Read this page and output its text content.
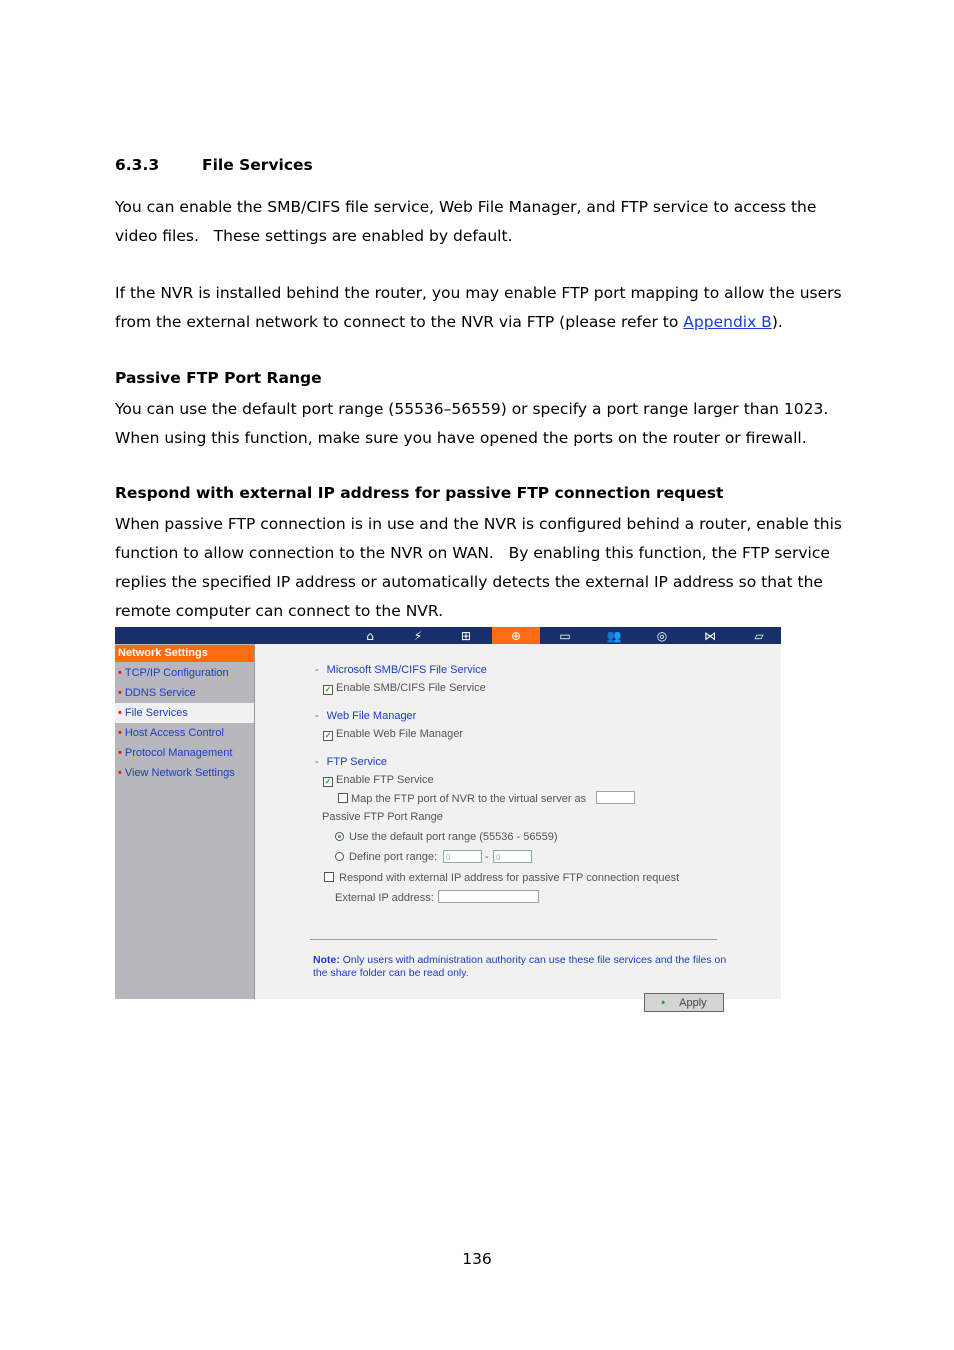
6.3.3	File Services
You can enable the SMB/CIFS file service, Web File Manager, and FTP service to access the video files.   These settings are enabled by default.
If the NVR is installed behind the router, you may enable FTP port mapping to allow the users from the external network to connect to the NVR via FTP (please refer to Appendix B).
Passive FTP Port Range
You can use the default port range (55536–56559) or specify a port range larger than 1023. When using this function, make sure you have opened the ports on the router or firewall.
Respond with external IP address for passive FTP connection request
When passive FTP connection is in use and the NVR is configured behind a router, enable this function to allow connection to the NVR on WAN.   By enabling this function, the FTP service replies the specified IP address or automatically detects the external IP address so that the remote computer can connect to the NVR.
⌂	⚡	⊞	⊕	▭	👥	◎	⋈	▱
Network Settings
• TCP/IP Configuration
• DDNS Service
• File Services
• Host Access Control
• Protocol Management
• View Network Settings
- Microsoft SMB/CIFS File Service
✓ Enable SMB/CIFS File Service
- Web File Manager
✓ Enable Web File Manager
- FTP Service
✓ Enable FTP Service
Map the FTP port of NVR to the virtual server as
Passive FTP Port Range
Use the default port range (55536 - 56559)
Define port range:	0	- 0
Respond with external IP address for passive FTP connection request
External IP address:
Note: Only users with administration authority can use these file services and the files on the share folder can be read only.
• Apply
136
